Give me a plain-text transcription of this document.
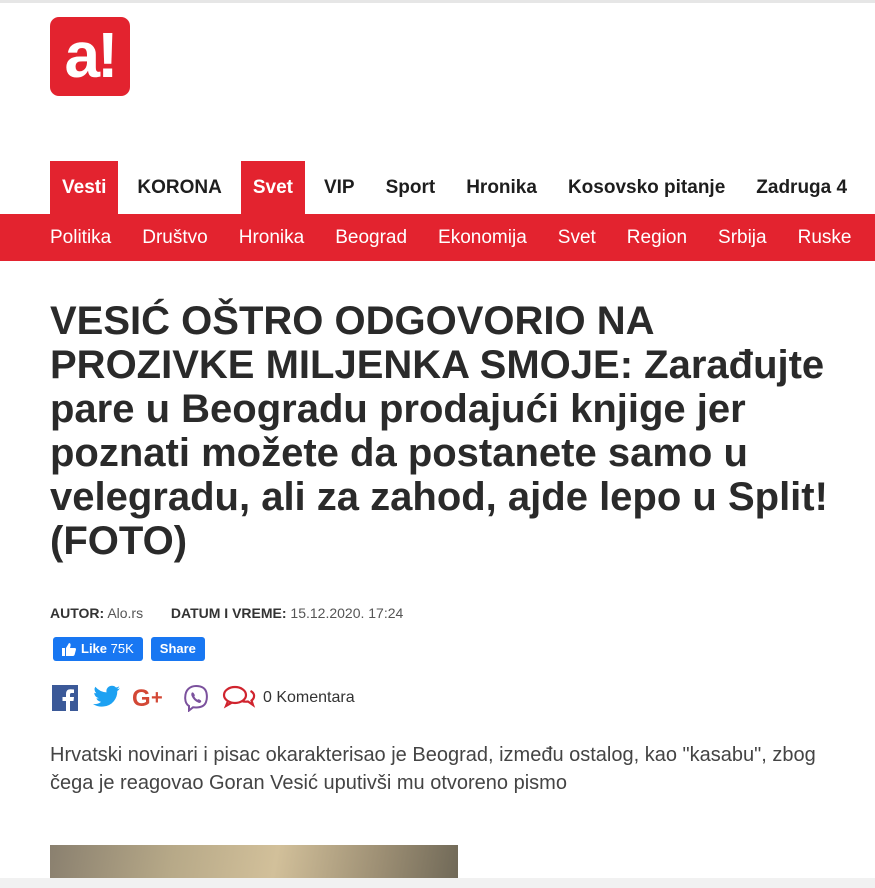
a!
Vesti	KORONA	Svet	VIP	Sport	Hronika	Kosovsko pitanje	Zadruga 4
Politika Društvo Hronika Beograd Ekonomija Svet Region Srbija Ruske
VESIĆ OŠTRO ODGOVORIO NA PROZIVKE MILJENKA SMOJE: Zarađujte pare u Beogradu prodajući knjige jer poznati možete da postanete samo u velegradu, ali za zahod, ajde lepo u Split! (FOTO)
AUTOR: Alo.rs DATUM I VREME: 15.12.2020. 17:24
Like
75K Share
G +	0 Komentara

Hrvatski novinari i pisac okarakterisao je Beograd, između ostalog, kao "kasabu", zbog čega je reagovao Goran Vesić uputivši mu otvoreno pismo
